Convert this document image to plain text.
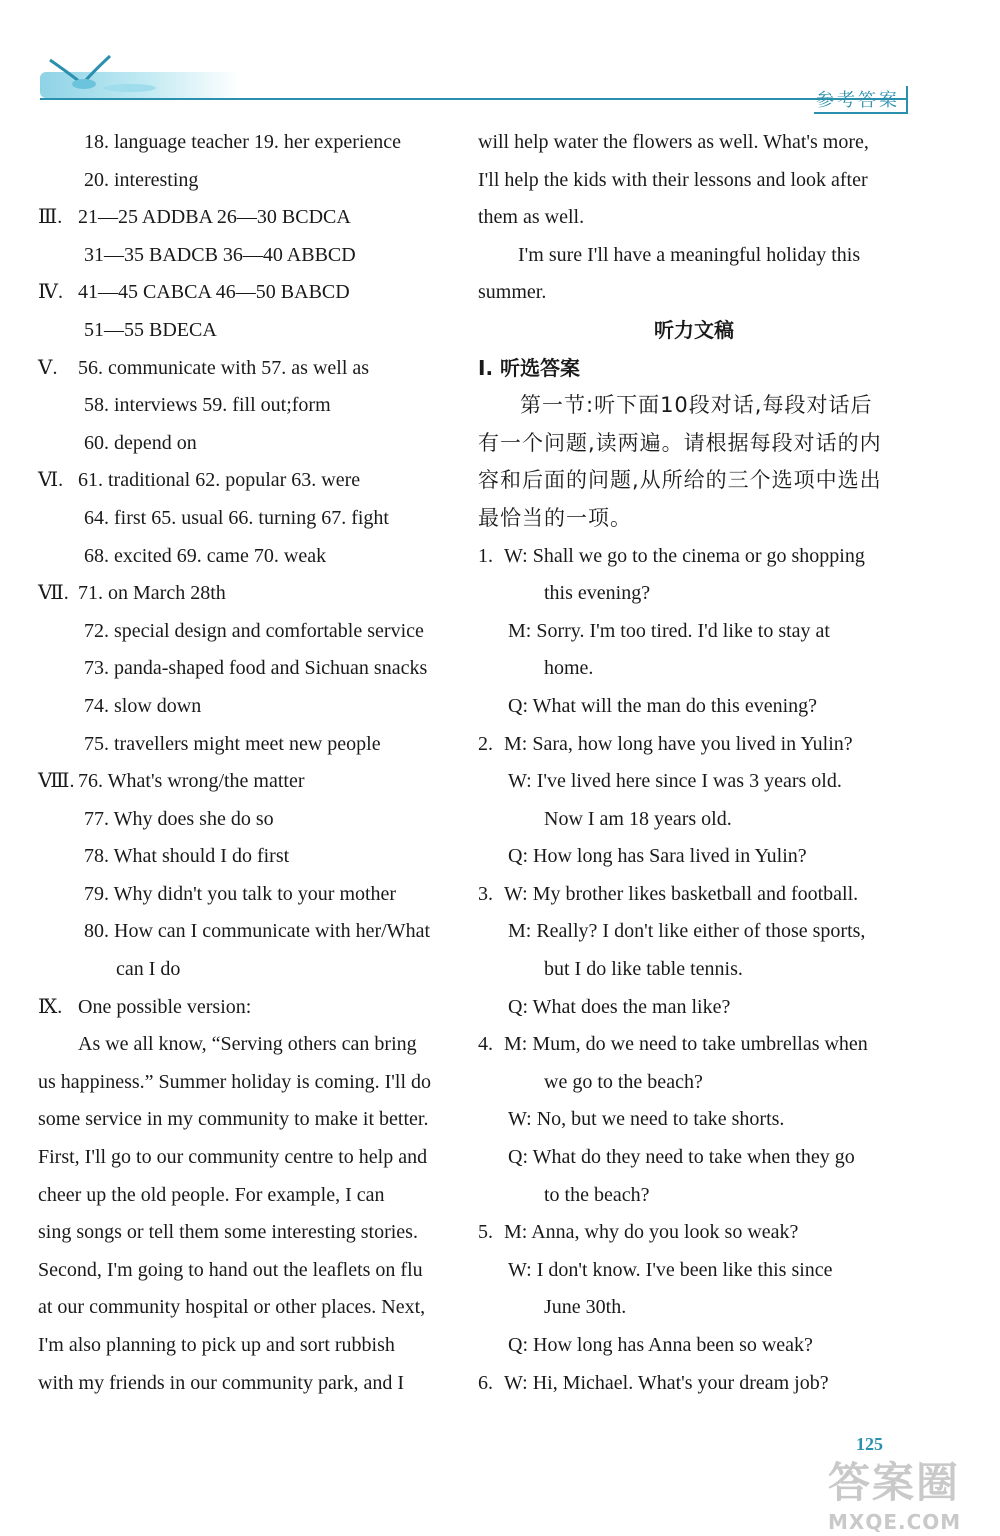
参考答案
18. language teacher 19. her experience
20. interesting
Ⅲ. 21—25 ADDBA 26—30 BCDCA
31—35 BADCB 36—40 ABBCD
Ⅳ. 41—45 CABCA 46—50 BABCD
51—55 BDECA
Ⅴ. 56. communicate with 57. as well as
58. interviews 59. fill out;form
60. depend on
Ⅵ. 61. traditional 62. popular 63. were
64. first 65. usual 66. turning 67. fight
68. excited 69. came 70. weak
Ⅶ. 71. on March 28th
72. special design and comfortable service
73. panda-shaped food and Sichuan snacks
74. slow down
75. travellers might meet new people
Ⅷ. 76. What's wrong/the matter
77. Why does she do so
78. What should I do first
79. Why didn't you talk to your mother
80. How can I communicate with her/What
can I do
Ⅸ. One possible version:
As we all know, “Serving others can bring
us happiness.” Summer holiday is coming. I'll do
some service in my community to make it better.
First, I'll go to our community centre to help and
cheer up the old people. For example, I can
sing songs or tell them some interesting stories.
Second, I'm going to hand out the leaflets on flu
at our community hospital or other places. Next,
I'm also planning to pick up and sort rubbish
with my friends in our community park, and I
will help water the flowers as well. What's more,
I'll help the kids with their lessons and look after
them as well.
I'm sure I'll have a meaningful holiday this
summer.
听力文稿
Ⅰ. 听选答案
第一节:听下面10段对话,每段对话后
有一个问题,读两遍。请根据每段对话的内
容和后面的问题,从所给的三个选项中选出
最恰当的一项。
1. W: Shall we go to the cinema or go shopping
this evening?
M: Sorry. I'm too tired. I'd like to stay at
home.
Q: What will the man do this evening?
2. M: Sara, how long have you lived in Yulin?
W: I've lived here since I was 3 years old.
Now I am 18 years old.
Q: How long has Sara lived in Yulin?
3. W: My brother likes basketball and football.
M: Really? I don't like either of those sports,
but I do like table tennis.
Q: What does the man like?
4. M: Mum, do we need to take umbrellas when
we go to the beach?
W: No, but we need to take shorts.
Q: What do they need to take when they go
to the beach?
5. M: Anna, why do you look so weak?
W: I don't know. I've been like this since
June 30th.
Q: How long has Anna been so weak?
6. W: Hi, Michael. What's your dream job?
125
答案圈
MXQE.COM
